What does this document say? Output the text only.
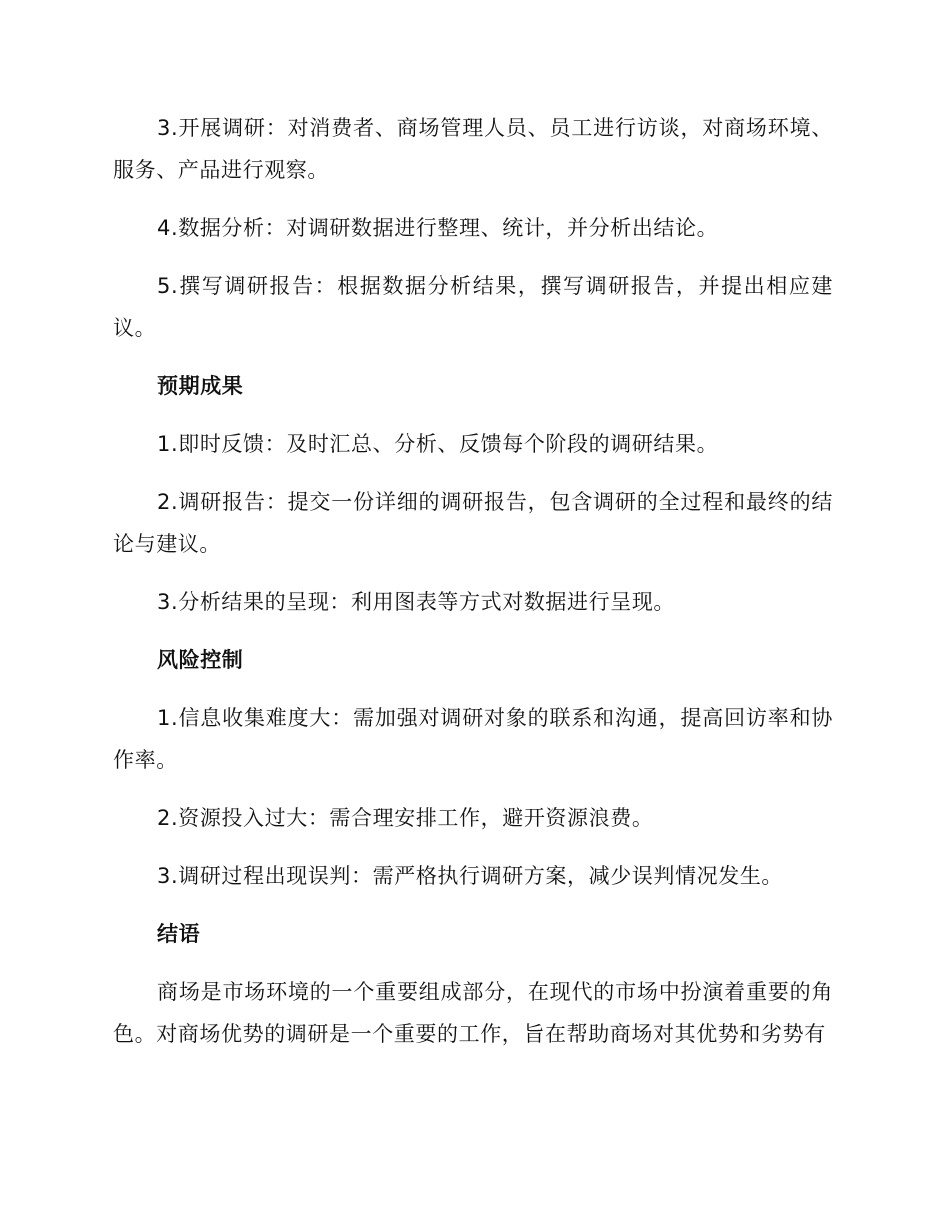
3.开展调研：对消费者、商场管理人员、员工进行访谈，对商场环境、服务、产品进行观察。

4.数据分析：对调研数据进行整理、统计，并分析出结论。

5.撰写调研报告：根据数据分析结果，撰写调研报告，并提出相应建议。

预期成果

1.即时反馈：及时汇总、分析、反馈每个阶段的调研结果。

2.调研报告：提交一份详细的调研报告，包含调研的全过程和最终的结论与建议。

3.分析结果的呈现：利用图表等方式对数据进行呈现。

风险控制

1.信息收集难度大：需加强对调研对象的联系和沟通，提高回访率和协作率。

2.资源投入过大：需合理安排工作，避开资源浪费。

3.调研过程出现误判：需严格执行调研方案，减少误判情况发生。

结语

商场是市场环境的一个重要组成部分，在现代的市场中扮演着重要的角色。对商场优势的调研是一个重要的工作，旨在帮助商场对其优势和劣势有
